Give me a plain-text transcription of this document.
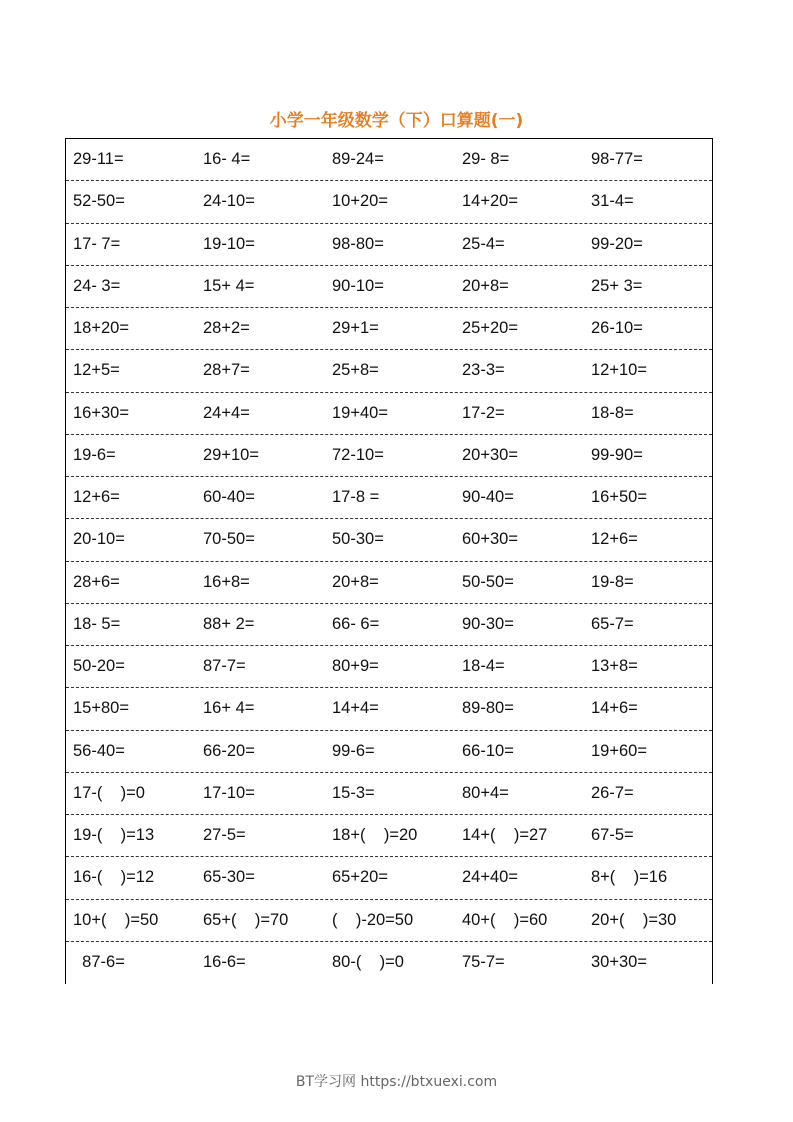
小学一年级数学（下）口算题(一)
29-11=	16- 4=	89-24=	29- 8=	98-77=
52-50=	24-10=	10+20=	14+20=	31-4=
17- 7=	19-10=	98-80=	25-4=	99-20=
24- 3=	15+ 4=	90-10=	20+8=	25+ 3=
18+20=	28+2=	29+1=	25+20=	26-10=
12+5=	28+7=	25+8=	23-3=	12+10=
16+30=	24+4=	19+40=	17-2=	18-8=
19-6=	29+10=	72-10=	20+30=	99-90=
12+6=	60-40=	17-8 =	90-40=	16+50=
20-10=	70-50=	50-30=	60+30=	12+6=
28+6=	16+8=	20+8=	50-50=	19-8=
18- 5=	88+ 2=	66- 6=	90-30=	65-7=
50-20=	87-7=	80+9=	18-4=	13+8=
15+80=	16+ 4=	14+4=	89-80=	14+6=
56-40=	66-20=	99-6=	66-10=	19+60=
17-(    )=0	17-10=	15-3=	80+4=	26-7=
19-(    )=13	27-5=	18+(    )=20	14+(    )=27	67-5=
16-(    )=12	65-30=	65+20=	24+40=	8+(    )=16
10+(    )=50	65+(    )=70	(    )-20=50	40+(    )=60	20+(    )=30
87-6=	16-6=	80-(    )=0	75-7=	30+30=
BT学习网 https://btxuexi.com
